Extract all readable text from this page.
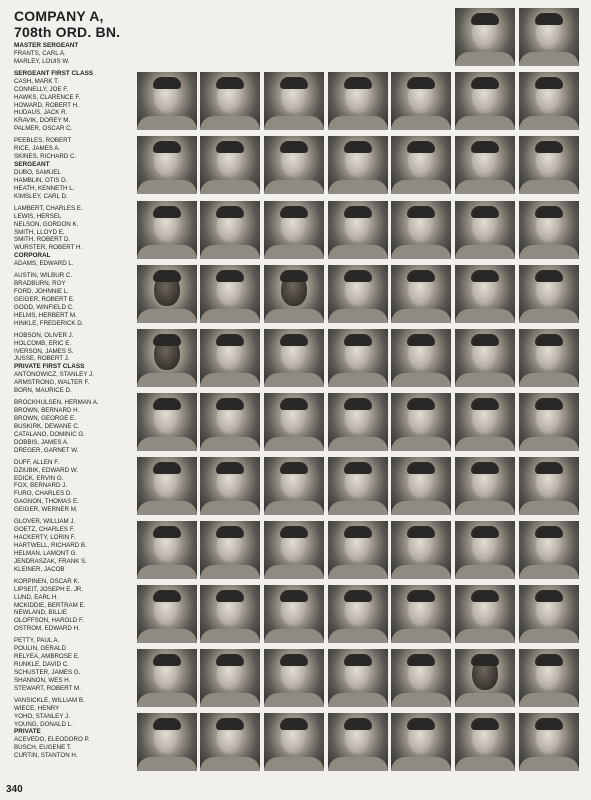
COMPANY A,
708th ORD. BN.
MASTER SERGEANT
FRANTS, CARL A.
MARLEY, LOUIS W.
SERGEANT FIRST CLASS
CASH, MARK T.
CONNELLY, JOE F.
HAWKS, CLARENCE F.
HOWARD, ROBERT H.
HUDAUS, JACK R.
KRAVIK, DOREY M.
PALMER, OSCAR C.
PEEBLES, ROBERT
RICE, JAMES A.
SKINES, RICHARD C.
SERGEANT
DUBO, SAMUEL
HAMBLIN, OTIS D.
HEATH, KENNETH L.
KIMSLEY, CARL D.
LAMBERT, CHARLES E.
LEWIS, HERSEL
NELSON, GORDON K.
SMITH, LLOYD E.
SMITH, ROBERT D.
WURSTER, ROBERT H.
CORPORAL
ADAMS, EDWARD L.
AUSTIN, WILBUR C.
BRADBURN, ROY
FORD, JOHNNIE L.
GEIGER, ROBERT E.
GOOD, WINFIELD C.
HELMS, HERBERT M.
HINKLE, FREDERICK D.
HOBSON, OLIVER J.
HOLCOMB, ERIC E.
IVERSON, JAMES S.
JUSSE, ROBERT J.
PRIVATE FIRST CLASS
ANTONOWICZ, STANLEY J.
ARMSTRONG, WALTER F.
BORN, MAURICE D.
BROCKHULSEN, HERMAN A.
BROWN, BERNARD H.
BROWN, GEORGE E.
BUSKIRK, DEWANE C.
CATALANO, DOMINIC G.
DOBBIS, JAMES A.
DREGER, GARNET W.
DUFF, ALLEN F.
DZIUBIK, EDWARD W.
EDICK, ERVIN G.
FOX, BERNARD J.
FURO, CHARLES D.
GAGNON, THOMAS E.
GEIGER, WERNER M.
GLOVER, WILLIAM J.
GOETZ, CHARLES F.
HACKERTY, LORIN F.
HARTWELL, RICHARD B.
HELMAN, LAMONT G.
JENDRASZAK, FRANK S.
KLEINER, JACOB
KORPINEN, OSCAR K.
LIPSEIT, JOSEPH E. JR.
LUND, EARL H.
MCKIDDIE, BERTRAM E.
NEWLAND, BILLIE
OLOFFSON, HAROLD F.
OSTROM, EDWARD H.
PETTY, PAUL A.
POULIN, GERALD
RELYEA, AMBROSE E.
RUNKLE, DAVID C.
SCHUSTER, JAMES G.
SHANNON, WES H.
STEWART, ROBERT M.
VANSICKLE, WILLIAM B.
WIECE, HENRY
YOHO, STANLEY J.
YOUNG, DONALD L.
PRIVATE
ACEVEDO, ELEODORO P.
BUSCH, EUGENE T.
CURTIN, STANTON H.
340
